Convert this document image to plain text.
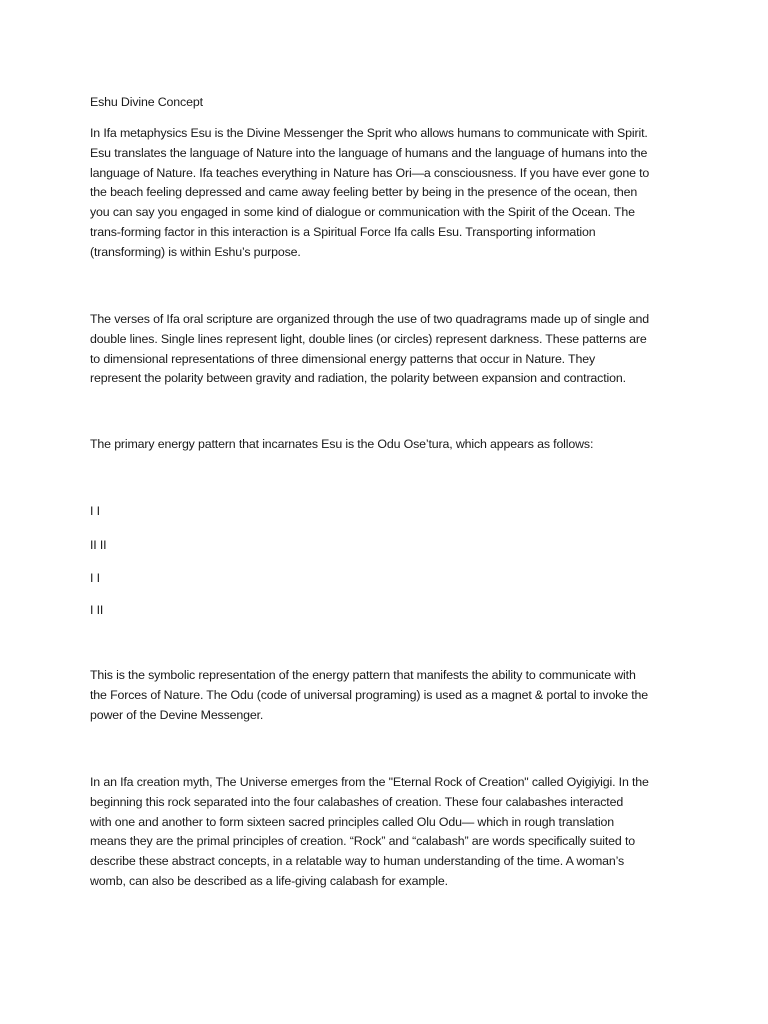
Eshu Divine Concept

In Ifa metaphysics Esu is the Divine Messenger the Sprit who allows humans to communicate with Spirit.
Esu translates the language of Nature into the language of humans and the language of humans into the
language of Nature. Ifa teaches everything in Nature has Ori—a consciousness. If you have ever gone to
the beach feeling depressed and came away feeling better by being in the presence of the ocean, then
you can say you engaged in some kind of dialogue or communication with the Spirit of the Ocean. The
trans-forming factor in this interaction is a Spiritual Force Ifa calls Esu. Transporting information
(transforming) is within Eshu’s purpose.

The verses of Ifa oral scripture are organized through the use of two quadragrams made up of single and
double lines. Single lines represent light, double lines (or circles) represent darkness. These patterns are
to dimensional representations of three dimensional energy patterns that occur in Nature. They
represent the polarity between gravity and radiation, the polarity between expansion and contraction.

The primary energy pattern that incarnates Esu is the Odu Ose’tura, which appears as follows:

I I

II II

I I

I II

This is the symbolic representation of the energy pattern that manifests the ability to communicate with
the Forces of Nature. The Odu (code of universal programing) is used as a magnet & portal to invoke the
power of the Devine Messenger.

In an Ifa creation myth, The Universe emerges from the "Eternal Rock of Creation" called Oyigiyigi. In the
beginning this rock separated into the four calabashes of creation. These four calabashes interacted
with one and another to form sixteen sacred principles called Olu Odu— which in rough translation
means they are the primal principles of creation. “Rock” and “calabash” are words specifically suited to
describe these abstract concepts, in a relatable way to human understanding of the time. A woman’s
womb, can also be described as a life-giving calabash for example.
